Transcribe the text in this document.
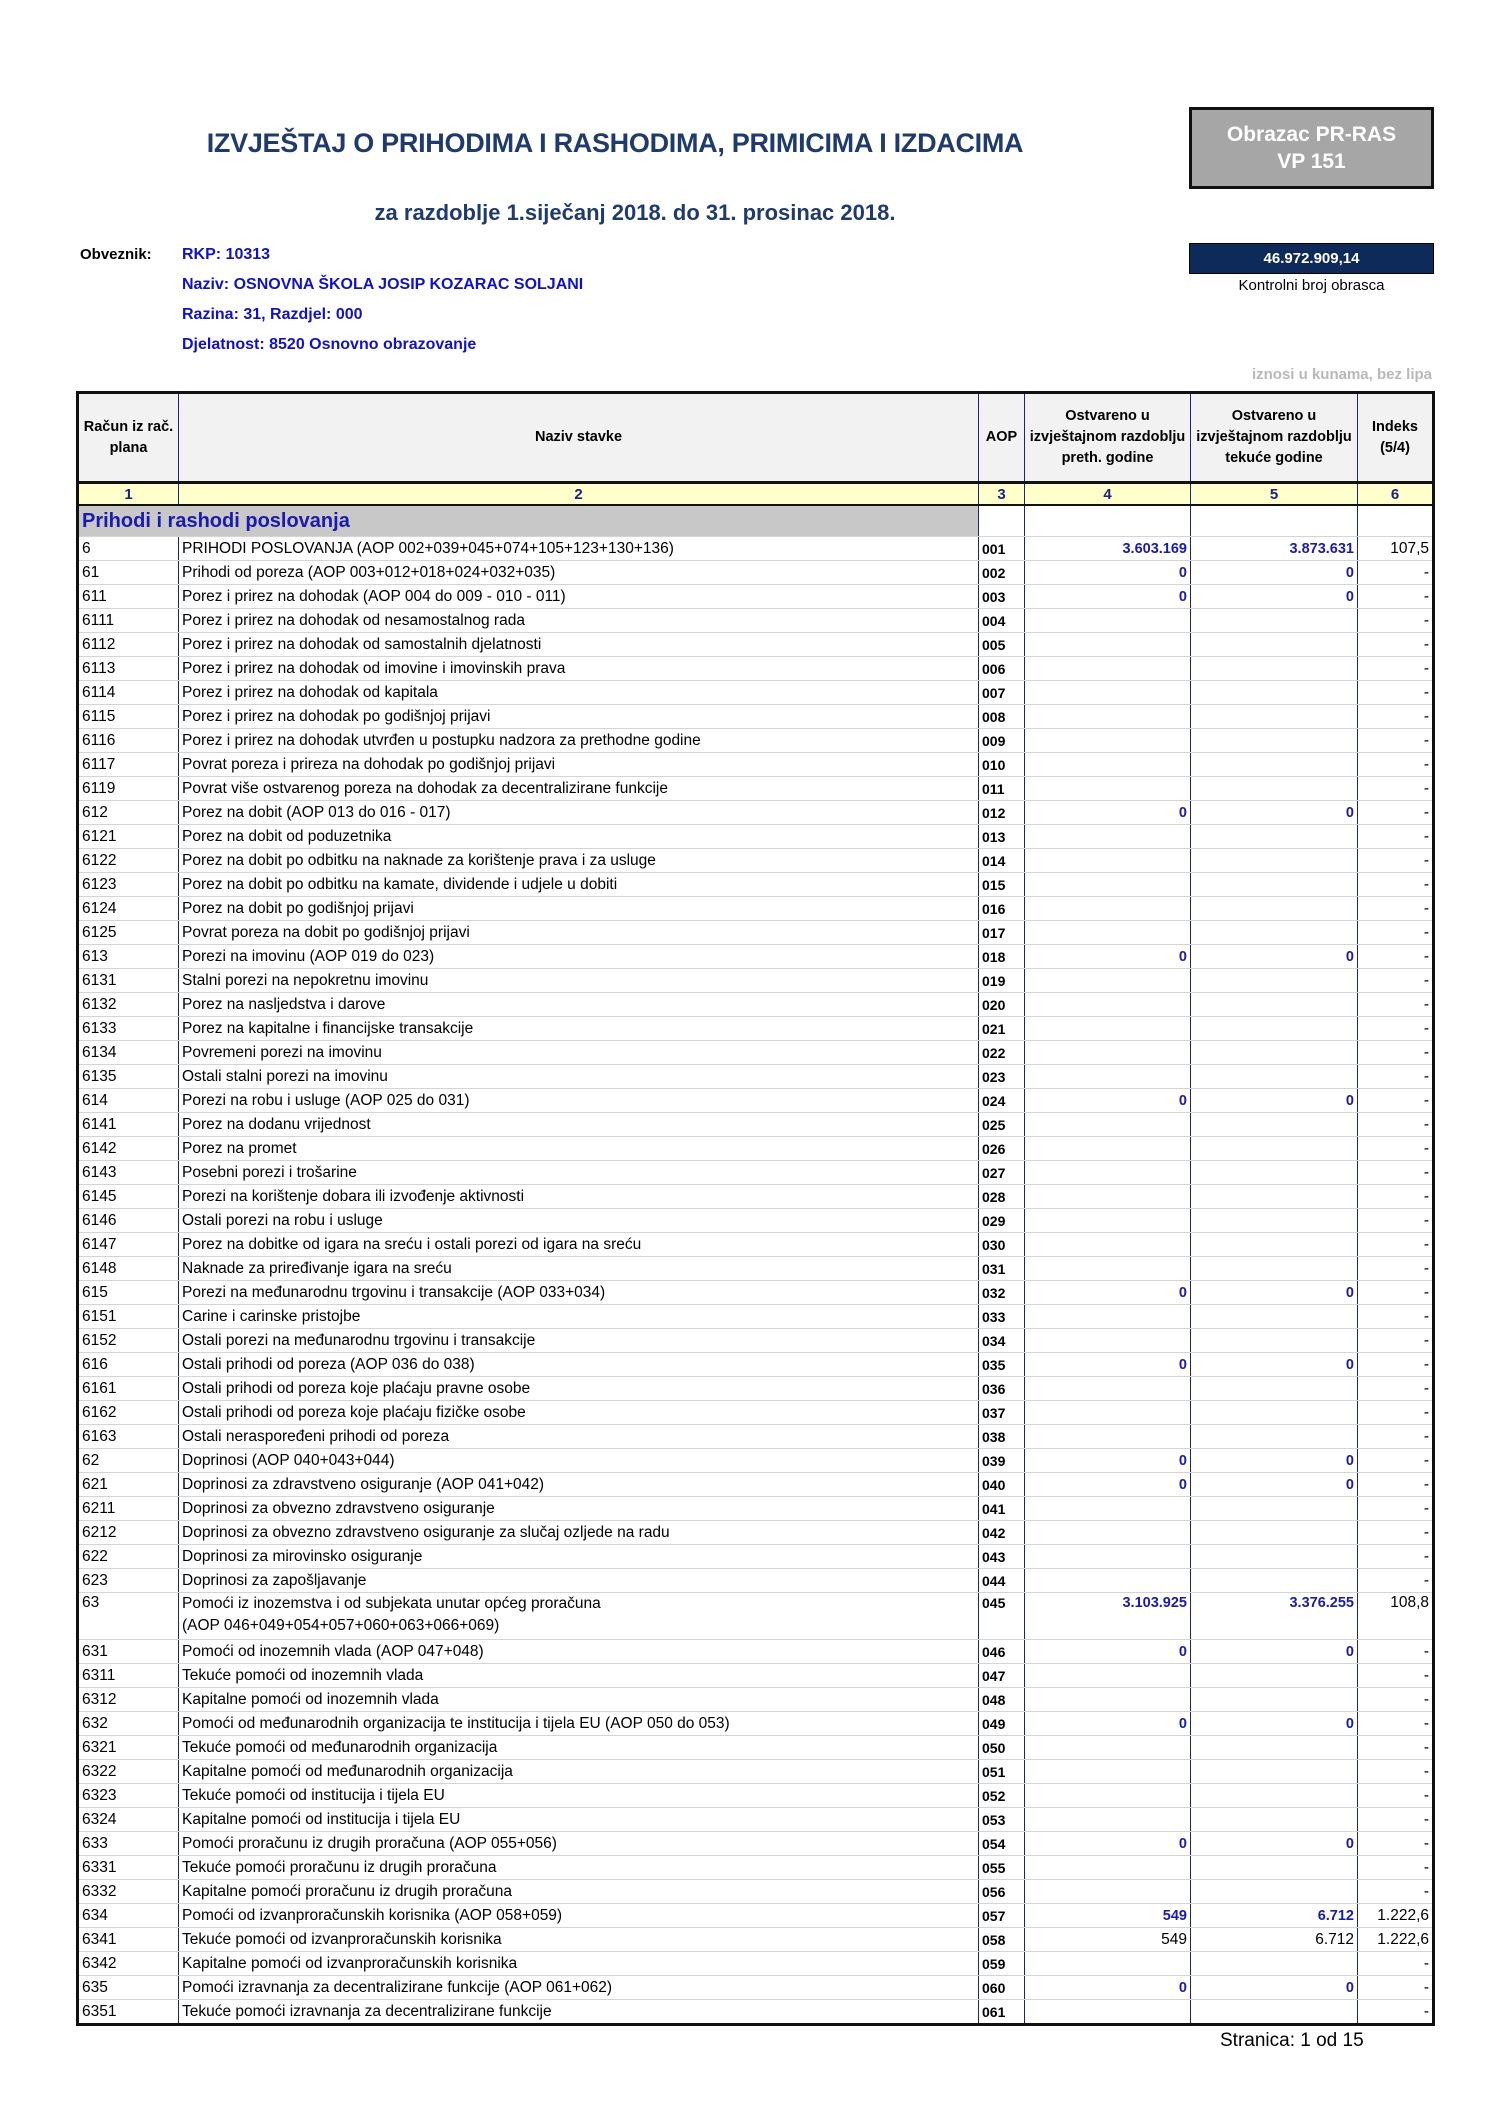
IZVJEŠTAJ O PRIHODIMA I RASHODIMA, PRIMICIMA I IZDACIMA	Obrazac PR-RAS
VP 151
za razdoblje 1.siječanj 2018. do 31. prosinac 2018.
Obveznik: RKP: 10313
Naziv: OSNOVNA ŠKOLA JOSIP KOZARAC SOLJANI
Razina: 31, Razdjel: 000
Djelatnost: 8520 Osnovno obrazovanje
46.972.909,14
Kontrolni broj obrasca
iznosi u kunama, bez lipa
Račun iz rač. plana	Naziv stavke	AOP	Ostvareno u izvještajnom razdoblju preth. godine	Ostvareno u izvještajnom razdoblju tekuće godine	Indeks (5/4)
1	2	3	4	5	6
Prihodi i rashodi poslovanja					
6	PRIHODI POSLOVANJA (AOP 002+039+045+074+105+123+130+136)	001	3.603.169	3.873.631	107,5
61	Prihodi od poreza (AOP 003+012+018+024+032+035)	002	0	0	-
611	Porez i prirez na dohodak (AOP 004 do 009 - 010 - 011)	003	0	0	-
6111	Porez i prirez na dohodak od nesamostalnog rada	004			-
6112	Porez i prirez na dohodak od samostalnih djelatnosti	005			-
6113	Porez i prirez na dohodak od imovine i imovinskih prava	006			-
6114	Porez i prirez na dohodak od kapitala	007			-
6115	Porez i prirez na dohodak po godišnjoj prijavi	008			-
6116	Porez i prirez na dohodak utvrđen u postupku nadzora za prethodne godine	009			-
6117	Povrat poreza i prireza na dohodak po godišnjoj prijavi	010			-
6119	Povrat više ostvarenog poreza na dohodak za decentralizirane funkcije	011			-
612	Porez na dobit (AOP 013 do 016 - 017)	012	0	0	-
6121	Porez na dobit od poduzetnika	013			-
6122	Porez na dobit po odbitku na naknade za korištenje prava i za usluge	014			-
6123	Porez na dobit po odbitku na kamate, dividende i udjele u dobiti	015			-
6124	Porez na dobit po godišnjoj prijavi	016			-
6125	Povrat poreza na dobit po godišnjoj prijavi	017			-
613	Porezi na imovinu (AOP 019 do 023)	018	0	0	-
6131	Stalni porezi na nepokretnu imovinu	019			-
6132	Porez na nasljedstva i darove	020			-
6133	Porez na kapitalne i financijske transakcije	021			-
6134	Povremeni porezi na imovinu	022			-
6135	Ostali stalni porezi na imovinu	023			-
614	Porezi na robu i usluge (AOP 025 do 031)	024	0	0	-
6141	Porez na dodanu vrijednost	025			-
6142	Porez na promet	026			-
6143	Posebni porezi i trošarine	027			-
6145	Porezi na korištenje dobara ili izvođenje aktivnosti	028			-
6146	Ostali porezi na robu i usluge	029			-
6147	Porez na dobitke od igara na sreću i ostali porezi od igara na sreću	030			-
6148	Naknade za priređivanje igara na sreću	031			-
615	Porezi na međunarodnu trgovinu i transakcije (AOP 033+034)	032	0	0	-
6151	Carine i carinske pristojbe	033			-
6152	Ostali porezi na međunarodnu trgovinu i transakcije	034			-
616	Ostali prihodi od poreza (AOP 036 do 038)	035	0	0	-
6161	Ostali prihodi od poreza koje plaćaju pravne osobe	036			-
6162	Ostali prihodi od poreza koje plaćaju fizičke osobe	037			-
6163	Ostali neraspoređeni prihodi od poreza	038			-
62	Doprinosi (AOP 040+043+044)	039	0	0	-
621	Doprinosi za zdravstveno osiguranje (AOP 041+042)	040	0	0	-
6211	Doprinosi za obvezno zdravstveno osiguranje	041			-
6212	Doprinosi za obvezno zdravstveno osiguranje za slučaj ozljede na radu	042			-
622	Doprinosi za mirovinsko osiguranje	043			-
623	Doprinosi za zapošljavanje	044			-
63	Pomoći iz inozemstva i od subjekata unutar općeg proračuna
(AOP 046+049+054+057+060+063+066+069)	045	3.103.925	3.376.255	108,8
631	Pomoći od inozemnih vlada (AOP 047+048)	046	0	0	-
6311	Tekuće pomoći od inozemnih vlada	047			-
6312	Kapitalne pomoći od inozemnih vlada	048			-
632	Pomoći od međunarodnih organizacija te institucija i tijela EU (AOP 050 do 053)	049	0	0	-
6321	Tekuće pomoći od međunarodnih organizacija	050			-
6322	Kapitalne pomoći od međunarodnih organizacija	051			-
6323	Tekuće pomoći od institucija i tijela EU	052			-
6324	Kapitalne pomoći od institucija i tijela EU	053			-
633	Pomoći proračunu iz drugih proračuna (AOP 055+056)	054	0	0	-
6331	Tekuće pomoći proračunu iz drugih proračuna	055			-
6332	Kapitalne pomoći proračunu iz drugih proračuna	056			-
634	Pomoći od izvanproračunskih korisnika (AOP 058+059)	057	549	6.712	1.222,6
6341	Tekuće pomoći od izvanproračunskih korisnika	058	549	6.712	1.222,6
6342	Kapitalne pomoći od izvanproračunskih korisnika	059			-
635	Pomoći izravnanja za decentralizirane funkcije (AOP 061+062)	060	0	0	-
6351	Tekuće pomoći izravnanja za decentralizirane funkcije	061			-
Stranica: 1 od 15
